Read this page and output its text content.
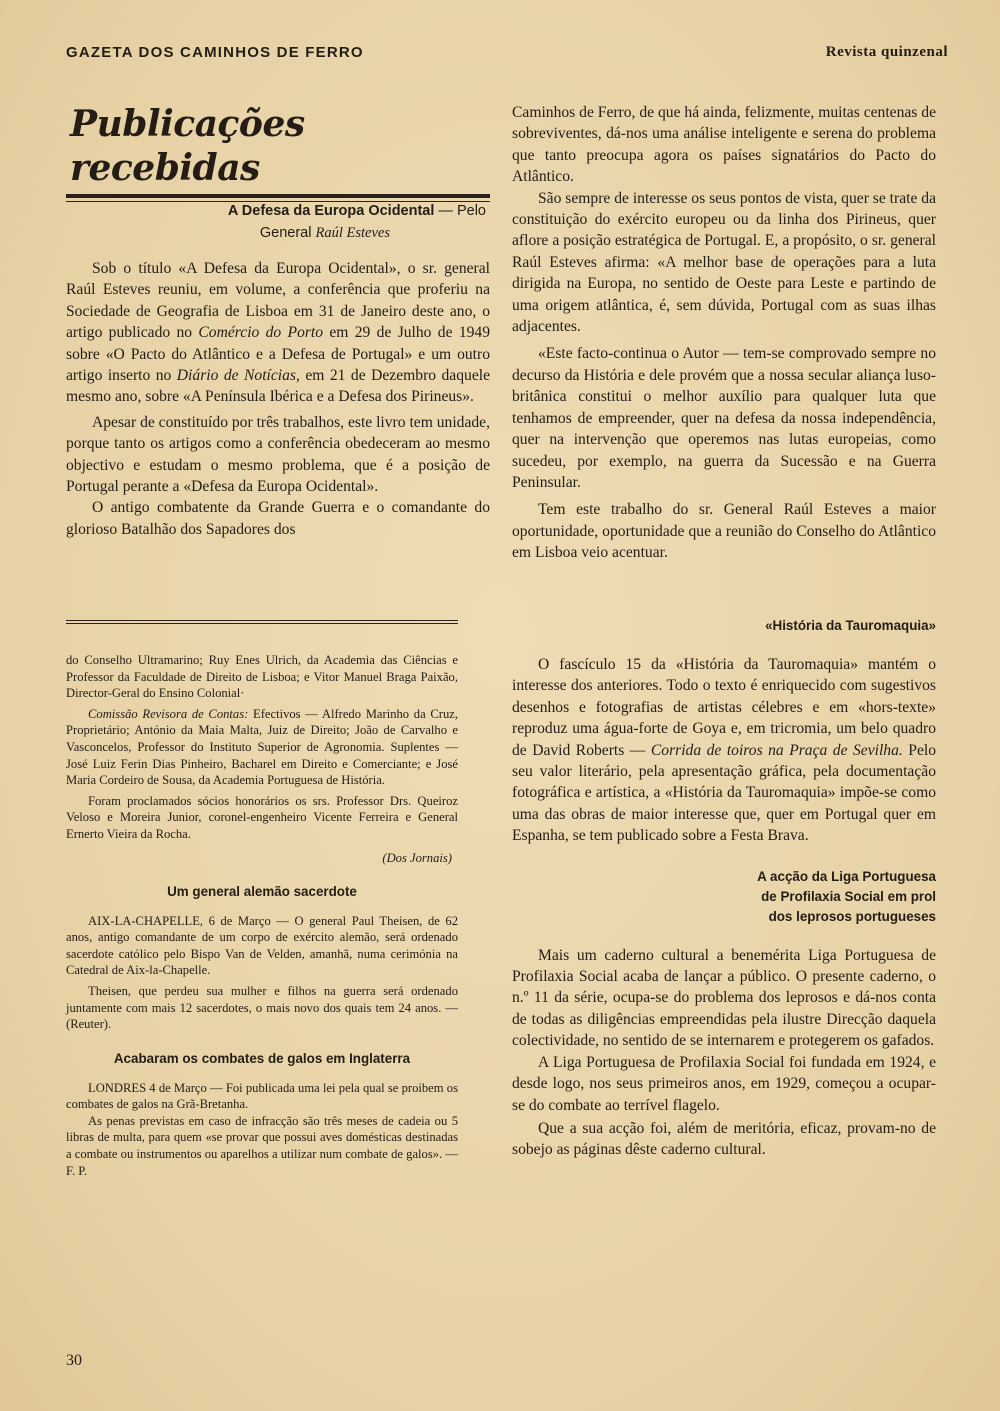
GAZETA DOS CAMINHOS DE FERRO	Revista quinzenal
Publicações recebidas
A Defesa da Europa Ocidental — Pelo
General Raúl Esteves

Sob o título «A Defesa da Europa Ocidental», o sr. general Raúl Esteves reuniu, em volume, a conferência que proferiu na Sociedade de Geografia de Lisboa em 31 de Janeiro deste ano, o artigo publicado no Comércio do Porto em 29 de Julho de 1949 sobre «O Pacto do Atlântico e a Defesa de Portugal» e um outro artigo inserto no Diário de Notícias, em 21 de Dezembro daquele mesmo ano, sobre «A Península Ibérica e a Defesa dos Pirineus».

Apesar de constituído por três trabalhos, este livro tem unidade, porque tanto os artigos como a conferência obedeceram ao mesmo objectivo e estudam o mesmo problema, que é a posição de Portugal perante a «Defesa da Europa Ocidental».

O antigo combatente da Grande Guerra e o comandante do glorioso Batalhão dos Sapadores dos

Caminhos de Ferro, de que há ainda, felizmente, muitas centenas de sobreviventes, dá-nos uma análise inteligente e serena do problema que tanto preocupa agora os países signatários do Pacto do Atlântico.

São sempre de interesse os seus pontos de vista, quer se trate da constituição do exército europeu ou da linha dos Pirineus, quer aflore a posição estratégica de Portugal. E, a propósito, o sr. general Raúl Esteves afirma: «A melhor base de operações para a luta dirigida na Europa, no sentido de Oeste para Leste e partindo de uma origem atlântica, é, sem dúvida, Portugal com as suas ilhas adjacentes.

«Este facto-continua o Autor — tem-se comprovado sempre no decurso da História e dele provém que a nossa secular aliança luso-britânica constitui o melhor auxílio para qualquer luta que tenhamos de empreender, quer na defesa da nossa independência, quer na intervenção que operemos nas lutas europeias, como sucedeu, por exemplo, na guerra da Sucessão e na Guerra Peninsular.

Tem este trabalho do sr. General Raúl Esteves a maior oportunidade, oportunidade que a reunião do Conselho do Atlântico em Lisboa veio acentuar.

do Conselho Ultramarino; Ruy Enes Ulrich, da Academia das Ciências e Professor da Faculdade de Direito de Lisboa; e Vitor Manuel Braga Paixão, Director-Geral do Ensino Colonial·

Comissão Revisora de Contas: Efectivos — Alfredo Marinho da Cruz, Proprietário; António da Maia Malta, Juiz de Direito; João de Carvalho e Vasconcelos, Professor do Instituto Superior de Agronomia. Suplentes — José Luiz Ferin Dias Pinheiro, Bacharel em Direito e Comerciante; e José Maria Cordeiro de Sousa, da Academia Portuguesa de História.

Foram proclamados sócios honorários os srs. Professor Drs. Queiroz Veloso e Moreira Junior, coronel-engenheiro Vicente Ferreira e General Ernerto Vieira da Rocha.

(Dos Jornais)
Um general alemão sacerdote

AIX-LA-CHAPELLE, 6 de Março — O general Paul Theisen, de 62 anos, antigo comandante de um corpo de exército alemão, será ordenado sacerdote católico pelo Bispo Van de Velden, amanhã, numa cerimónia na Catedral de Aix-la-Chapelle.

Theisen, que perdeu sua mulher e filhos na guerra será ordenado juntamente com mais 12 sacerdotes, o mais novo dos quais tem 24 anos. — (Reuter).

Acabaram os combates de galos em Inglaterra

LONDRES 4 de Março — Foi publicada uma lei pela qual se proibem os combates de galos na Grã-Bretanha.

As penas previstas em caso de infracção são três meses de cadeia ou 5 libras de multa, para quem «se provar que possui aves domésticas destinadas a combate ou instrumentos ou aparelhos a utilizar num combate de galos». — F. P.

«História da Tauromaquia»

O fascículo 15 da «História da Tauromaquia» mantém o interesse dos anteriores. Todo o texto é enriquecido com sugestivos desenhos e fotografias de artistas célebres e em «hors-texte» reproduz uma água-forte de Goya e, em tricromia, um belo quadro de David Roberts — Corrida de toiros na Praça de Sevilha. Pelo seu valor literário, pela apresentação gráfica, pela documentação fotográfica e artística, a «História da Tauromaquia» impõe-se como uma das obras de maior interesse que, quer em Portugal quer em Espanha, se tem publicado sobre a Festa Brava.

A acção da Liga Portuguesa
de Profilaxia Social em prol
dos leprosos portugueses

Mais um caderno cultural a benemérita Liga Portuguesa de Profilaxia Social acaba de lançar a público. O presente caderno, o n.º 11 da série, ocupa-se do problema dos leprosos e dá-nos conta de todas as diligências empreendidas pela ilustre Direcção daquela colectividade, no sentido de se internarem e protegerem os gafados.

A Liga Portuguesa de Profilaxia Social foi fundada em 1924, e desde logo, nos seus primeiros anos, em 1929, começou a ocupar-se do combate ao terrível flagelo.

Que a sua acção foi, além de meritória, eficaz, provam-no de sobejo as páginas dêste caderno cultural.

30
